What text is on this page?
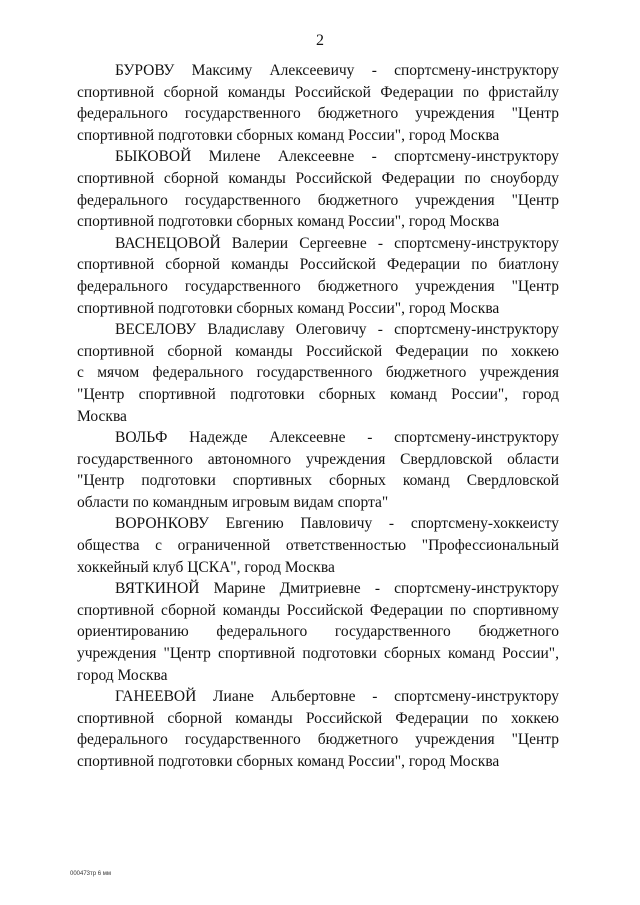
2

БУРОВУ Максиму Алексеевичу - спортсмену-инструктору
спортивной сборной команды Российской Федерации по фристайлу
федерального государственного бюджетного учреждения "Центр
спортивной подготовки сборных команд России", город Москва

БЫКОВОЙ Милене Алексеевне - спортсмену-инструктору
спортивной сборной команды Российской Федерации по сноуборду
федерального государственного бюджетного учреждения "Центр
спортивной подготовки сборных команд России", город Москва

ВАСНЕЦОВОЙ Валерии Сергеевне - спортсмену-инструктору
спортивной сборной команды Российской Федерации по биатлону
федерального государственного бюджетного учреждения "Центр
спортивной подготовки сборных команд России", город Москва

ВЕСЕЛОВУ Владиславу Олеговичу - спортсмену-инструктору
спортивной сборной команды Российской Федерации по хоккею
с мячом федерального государственного бюджетного учреждения
"Центр спортивной подготовки сборных команд России", город
Москва

ВОЛЬФ Надежде Алексеевне - спортсмену-инструктору
государственного автономного учреждения Свердловской области
"Центр подготовки спортивных сборных команд Свердловской
области по командным игровым видам спорта"

ВОРОНКОВУ Евгению Павловичу - спортсмену-хоккеисту
общества с ограниченной ответственностью "Профессиональный
хоккейный клуб ЦСКА", город Москва

ВЯТКИНОЙ Марине Дмитриевне - спортсмену-инструктору
спортивной сборной команды Российской Федерации по спортивному
ориентированию федерального государственного бюджетного
учреждения "Центр спортивной подготовки сборных команд России",
город Москва

ГАНЕЕВОЙ Лиане Альбертовне - спортсмену-инструктору
спортивной сборной команды Российской Федерации по хоккею
федерального государственного бюджетного учреждения "Центр
спортивной подготовки сборных команд России", город Москва

000473тр 6 мм
